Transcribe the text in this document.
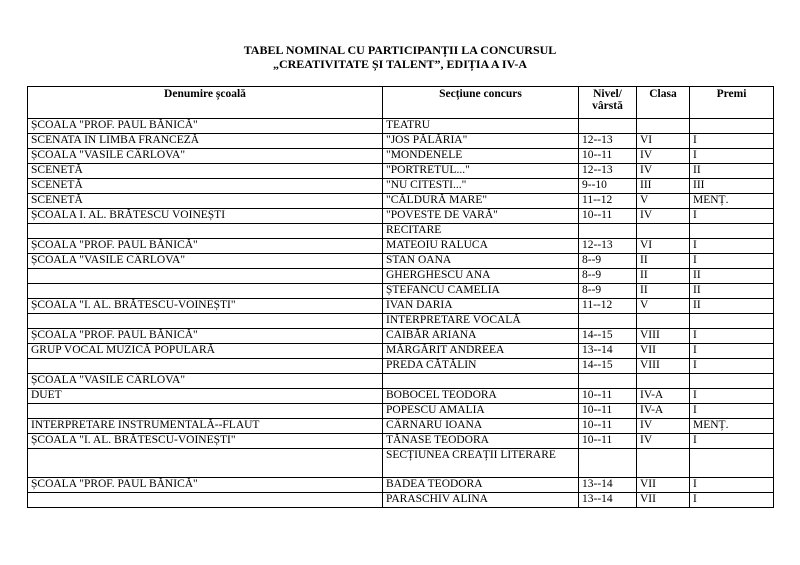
TABEL NOMINAL CU PARTICIPANȚII LA CONCURSUL
„CREATIVITATE ȘI TALENT”, EDIȚIA A IV-A
Denumire școală	Secțiune concurs	Nivel/ vârstă	Clasa	Premi
ȘCOALA "PROF. PAUL BĂNICĂ"	TEATRU			
SCENATA IN LIMBA FRANCEZĂ	"JOS PĂLĂRIA"	12--13	VI	I
ȘCOALA "VASILE CÂRLOVA"	"MONDENELE	10--11	IV	I
SCENETĂ	"PORTRETUL..."	12--13	IV	II
SCENETĂ	"NU CITESTI..."	9--10	III	III
SCENETĂ	"CĂLDURĂ MARE"	11--12	V	MENȚ.
ȘCOALA I. AL. BRĂTESCU VOINEȘTI	"POVESTE DE VARĂ"	10--11	IV	I
	RECITARE			
ȘCOALA "PROF. PAUL BĂNICĂ"	MATEOIU RALUCA	12--13	VI	I
ȘCOALA "VASILE CÂRLOVA"	STAN OANA	8--9	II	I
	GHERGHESCU ANA	8--9	II	II
	ȘTEFANCU CAMELIA	8--9	II	II
ȘCOALA "I. AL. BRĂTESCU-VOINEȘTI"	IVAN DARIA	11--12	V	II
	INTERPRETARE VOCALĂ			
ȘCOALA "PROF. PAUL BĂNICĂ"	CAIBĂR ARIANA	14--15	VIII	I
GRUP VOCAL MUZICĂ POPULARĂ	MĂRGĂRIT ANDREEA	13--14	VII	I
	PREDA CĂTĂLIN	14--15	VIII	I
ȘCOALA "VASILE CÂRLOVA"				
DUET	BOBOCEL TEODORA	10--11	IV-A	I
	POPESCU AMALIA	10--11	IV-A	I
INTERPRETARE INSTRUMENTALĂ--FLAUT	CÂRNARU IOANA	10--11	IV	MENȚ.
ȘCOALA "I. AL. BRĂTESCU-VOINEȘTI"	TĂNASE TEODORA	10--11	IV	I
	SECȚIUNEA CREAȚII LITERARE			
ȘCOALA "PROF. PAUL BĂNICĂ"	BADEA TEODORA	13--14	VII	I
	PARASCHIV ALINA	13--14	VII	I
